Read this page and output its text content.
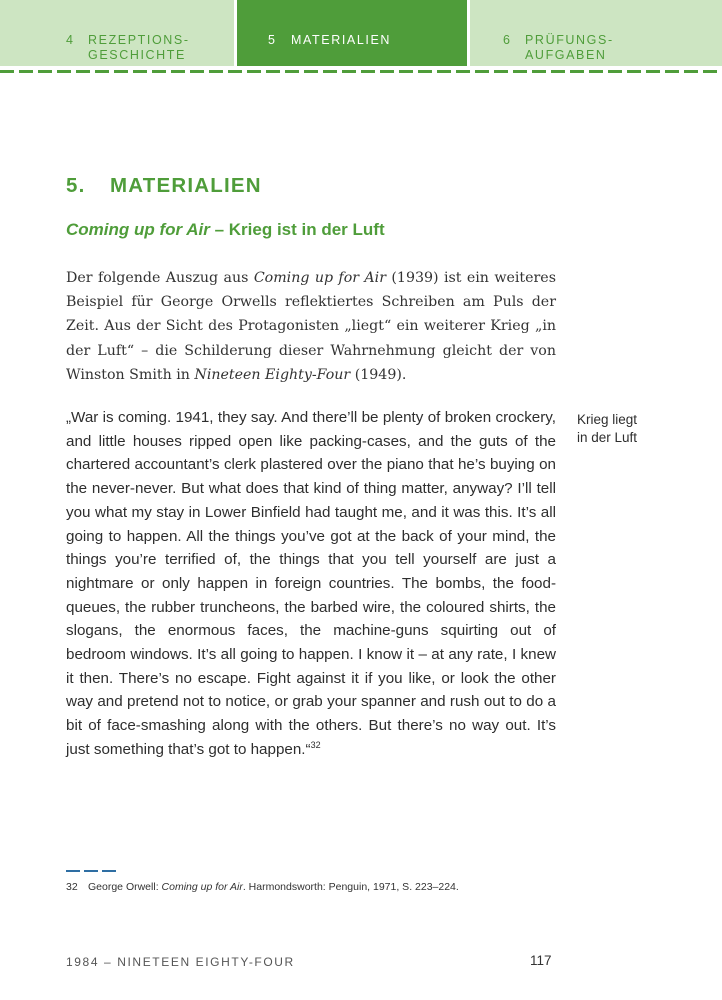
4 REZEPTIONS-
GESCHICHTE
5 MATERIALIEN	6 PRÜFUNGS-
AUFGABEN
5. MATERIALIEN
Coming up for Air – Krieg ist in der Luft
Der folgende Auszug aus Coming up for Air (1939) ist ein weiteres Beispiel für George Orwells reflektiertes Schreiben am Puls der Zeit. Aus der Sicht des Protagonisten „liegt“ ein weiterer Krieg „in der Luft“ – die Schilderung dieser Wahrnehmung gleicht der von Winston Smith in Nineteen Eighty-Four (1949).
„War is coming. 1941, they say. And there’ll be plenty of broken crockery, and little houses ripped open like packing-cases, and the guts of the chartered accountant’s clerk plastered over the piano that he’s buying on the never-never. But what does that kind of thing matter, anyway? I’ll tell you what my stay in Lower Binfield had taught me, and it was this. It’s all going to happen. All the things you’ve got at the back of your mind, the things you’re terrified of, the things that you tell yourself are just a nightmare or only happen in foreign countries. The bombs, the food-queues, the rubber truncheons, the barbed wire, the coloured shirts, the slogans, the enormous faces, the machine-guns squirting out of bedroom windows. It’s all going to happen. I know it – at any rate, I knew it then. There’s no escape. Fight against it if you like, or look the other way and pretend not to notice, or grab your spanner and rush out to do a bit of face-smashing along with the others. But there’s no way out. It’s just something that’s got to happen.“$^{32}$
Krieg liegt
in der Luft
32 George Orwell: Coming up for Air. Harmondsworth: Penguin, 1971, S. 223–224.
1984 – NINETEEN EIGHTY-FOUR	117
